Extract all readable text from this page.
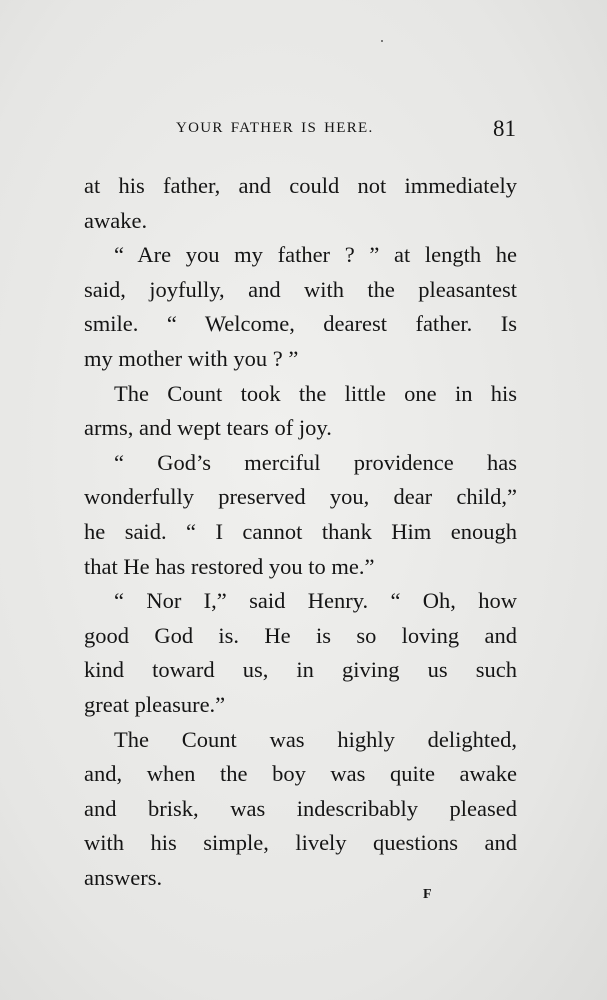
YOUR FATHER IS HERE.	81
at his father, and could not immediately
awake.
“ Are you my father ? ” at length he
said, joyfully, and with the pleasantest
smile. “ Welcome, dearest father. Is
my mother with you ? ”
The Count took the little one in his
arms, and wept tears of joy.
“ God’s merciful providence has
wonderfully preserved you, dear child,”
he said. “ I cannot thank Him enough
that He has restored you to me.”
“ Nor I,” said Henry. “ Oh, how
good God is. He is so loving and
kind toward us, in giving us such
great pleasure.”
The Count was highly delighted,
and, when the boy was quite awake
and brisk, was indescribably pleased
with his simple, lively questions and
answers.
F
